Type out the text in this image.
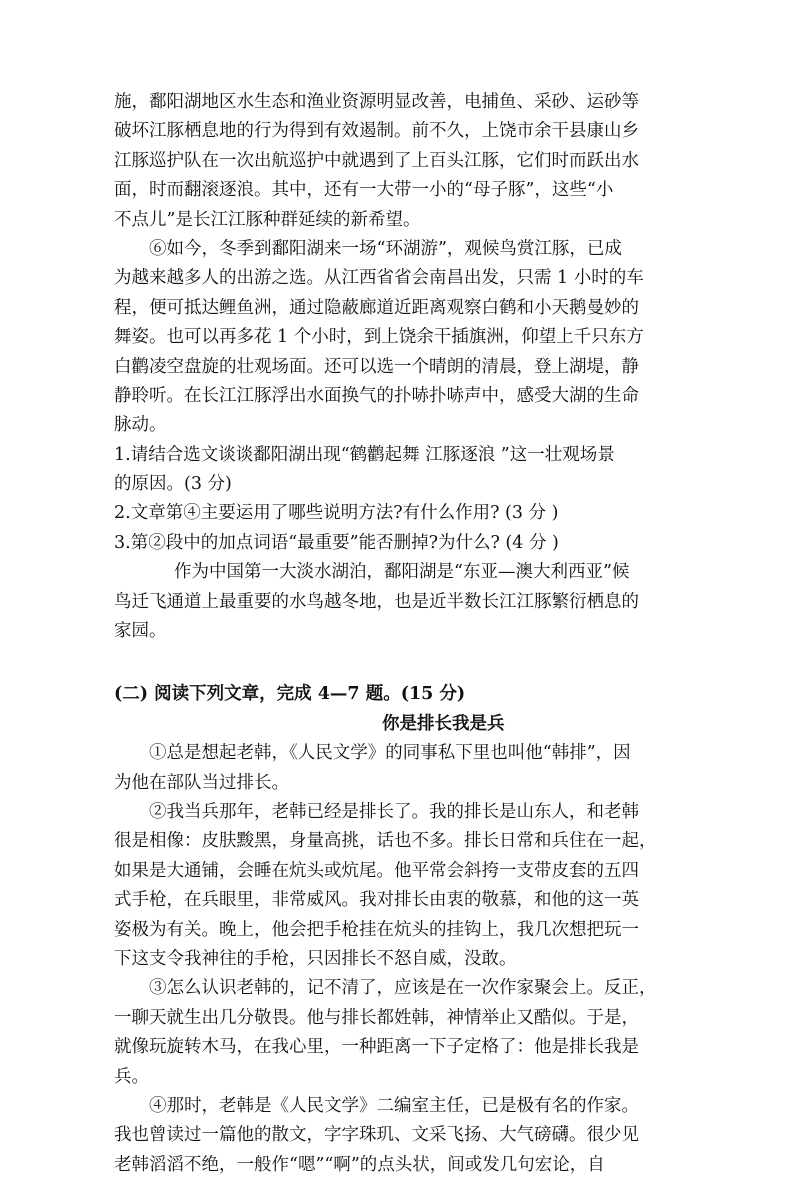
施，鄱阳湖地区水生态和渔业资源明显改善，电捕鱼、采砂、运砂等
破坏江豚栖息地的行为得到有效遏制。前不久，上饶市余干县康山乡
江豚巡护队在一次出航巡护中就遇到了上百头江豚，它们时而跃出水
面，时而翻滚逐浪。其中，还有一大带一小的“母子豚”，这些“小
不点儿”是长江江豚种群延续的新希望。
⑥如今，冬季到鄱阳湖来一场“环湖游”，观候鸟赏江豚，已成
为越来越多人的出游之选。从江西省省会南昌出发，只需 1 小时的车
程，便可抵达鲤鱼洲，通过隐蔽廊道近距离观察白鹤和小天鹅曼妙的
舞姿。也可以再多花 1 个小时，到上饶余干插旗洲，仰望上千只东方
白鹳凌空盘旋的壮观场面。还可以选一个晴朗的清晨，登上湖堤，静
静聆听。在长江江豚浮出水面换气的扑哧扑哧声中，感受大湖的生命
脉动。
1.请结合选文谈谈鄱阳湖出现“鹤鹳起舞 江豚逐浪 ”这一壮观场景
的原因。(3 分)
2.文章第④主要运用了哪些说明方法?有什么作用? (3 分 )
3.第②段中的加点词语“最重要”能否删掉?为什么? (4 分 )
作为中国第一大淡水湖泊，鄱阳湖是“东亚—澳大利西亚”候
鸟迁飞通道上最重要的水鸟越冬地，也是近半数长江江豚繁衍栖息的
家园。
(二) 阅读下列文章，完成 4—7 题。(15 分)
你是排长我是兵
①总是想起老韩，《人民文学》的同事私下里也叫他“韩排”，因
为他在部队当过排长。
②我当兵那年，老韩已经是排长了。我的排长是山东人，和老韩
很是相像：皮肤黢黑，身量高挑，话也不多。排长日常和兵住在一起，
如果是大通铺，会睡在炕头或炕尾。他平常会斜挎一支带皮套的五四
式手枪，在兵眼里，非常威风。我对排长由衷的敬慕，和他的这一英
姿极为有关。晚上，他会把手枪挂在炕头的挂钩上，我几次想把玩一
下这支令我神往的手枪，只因排长不怒自威，没敢。
③怎么认识老韩的，记不清了，应该是在一次作家聚会上。反正，
一聊天就生出几分敬畏。他与排长都姓韩，神情举止又酷似。于是，
就像玩旋转木马，在我心里，一种距离一下子定格了：他是排长我是
兵。
④那时，老韩是《人民文学》二编室主任，已是极有名的作家。
我也曾读过一篇他的散文，字字珠玑、文采飞扬、大气磅礴。很少见
老韩滔滔不绝，一般作“嗯”“啊”的点头状，间或发几句宏论，自
